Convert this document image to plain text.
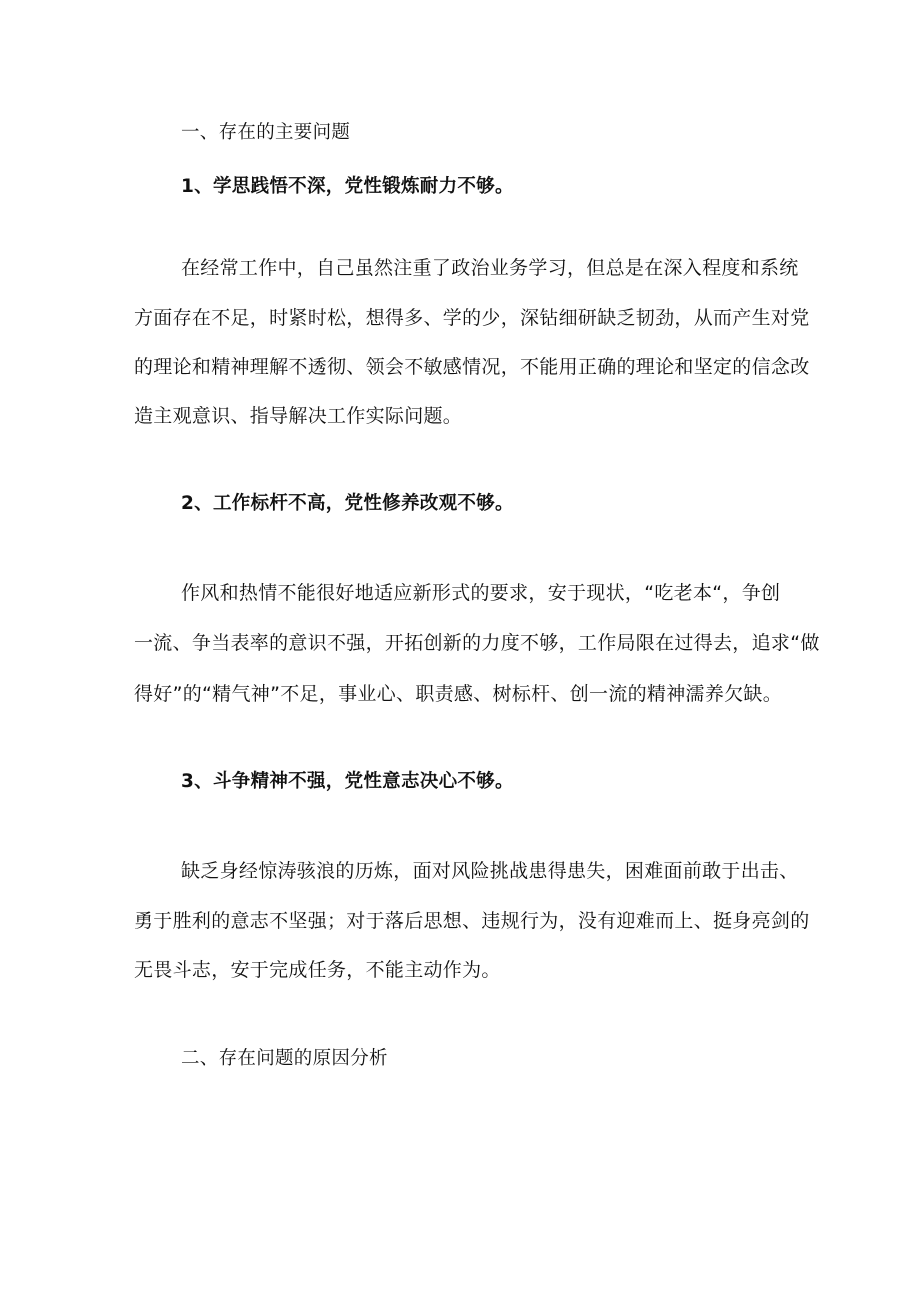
一、存在的主要问题
1、学思践悟不深，党性锻炼耐力不够。
在经常工作中，自己虽然注重了政治业务学习，但总是在深入程度和系统
方面存在不足，时紧时松，想得多、学的少，深钻细研缺乏韧劲，从而产生对党
的理论和精神理解不透彻、领会不敏感情况，不能用正确的理论和坚定的信念改
造主观意识、指导解决工作实际问题。
2、工作标杆不高，党性修养改观不够。
作风和热情不能很好地适应新形式的要求，安于现状，“吃老本“，争创
一流、争当表率的意识不强，开拓创新的力度不够，工作局限在过得去，追求“做
得好”的“精气神”不足，事业心、职责感、树标杆、创一流的精神濡养欠缺。
3、斗争精神不强，党性意志决心不够。
缺乏身经惊涛骇浪的历炼，面对风险挑战患得患失，困难面前敢于出击、
勇于胜利的意志不坚强；对于落后思想、违规行为，没有迎难而上、挺身亮剑的
无畏斗志，安于完成任务，不能主动作为。
二、存在问题的原因分析
